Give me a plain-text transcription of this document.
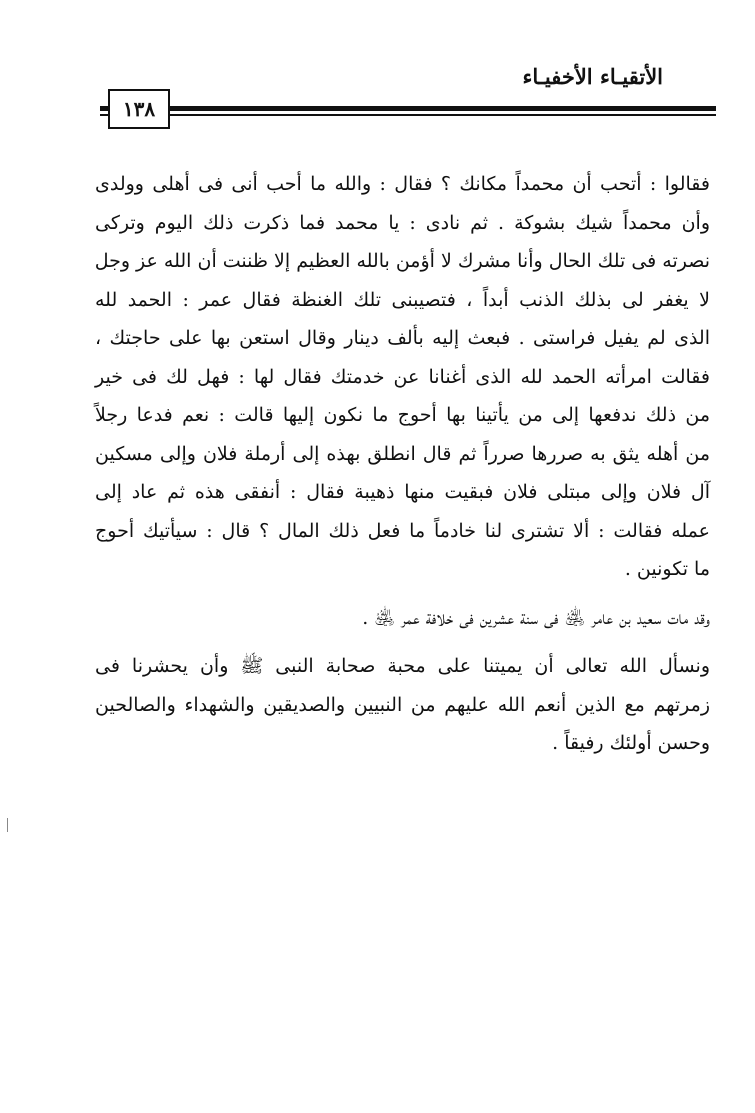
الأتقيـاء الأخفيـاء
١٣٨
فقالوا : أتحب أن محمداً مكانك ؟ فقال : والله ما أحب أنى فى أهلى وولدى
وأن محمداً شيك بشوكة . ثم نادى : يا محمد فما ذكرت ذلك اليوم وتركى
نصرته فى تلك الحال وأنا مشرك لا أؤمن بالله العظيم إلا ظننت أن الله عز وجل
لا يغفر لى بذلك الذنب أبداً ، فتصيبنى تلك الغنظة فقال عمر : الحمد لله
الذى لم يفيل فراستى . فبعث إليه بألف دينار وقال استعن بها على حاجتك ،
فقالت امرأته الحمد لله الذى أغنانا عن خدمتك فقال لها : فهل لك فى خير
من ذلك ندفعها إلى من يأتينا بها أحوج ما نكون إليها قالت : نعم فدعا رجلاً
من أهله يثق به صررها صرراً ثم قال انطلق بهذه إلى أرملة فلان وإلى مسكين
آل فلان وإلى مبتلى فلان فبقيت منها ذهيبة فقال : أنفقى هذه ثم عاد إلى
عمله فقالت : ألا تشترى لنا خادماً ما فعل ذلك المال ؟ قال : سيأتيك أحوج
ما تكونين .
وقد مات سعيد بن عامر ﵁ فى سنة عشرين فى خلافة عمر ﵁ .
ونسأل الله تعالى أن يميتنا على محبة صحابة النبى ﷺ وأن يحشرنا فى
زمرتهم مع الذين أنعم الله عليهم من النبيين والصديقين والشهداء والصالحين
وحسن أولئك رفيقاً .
